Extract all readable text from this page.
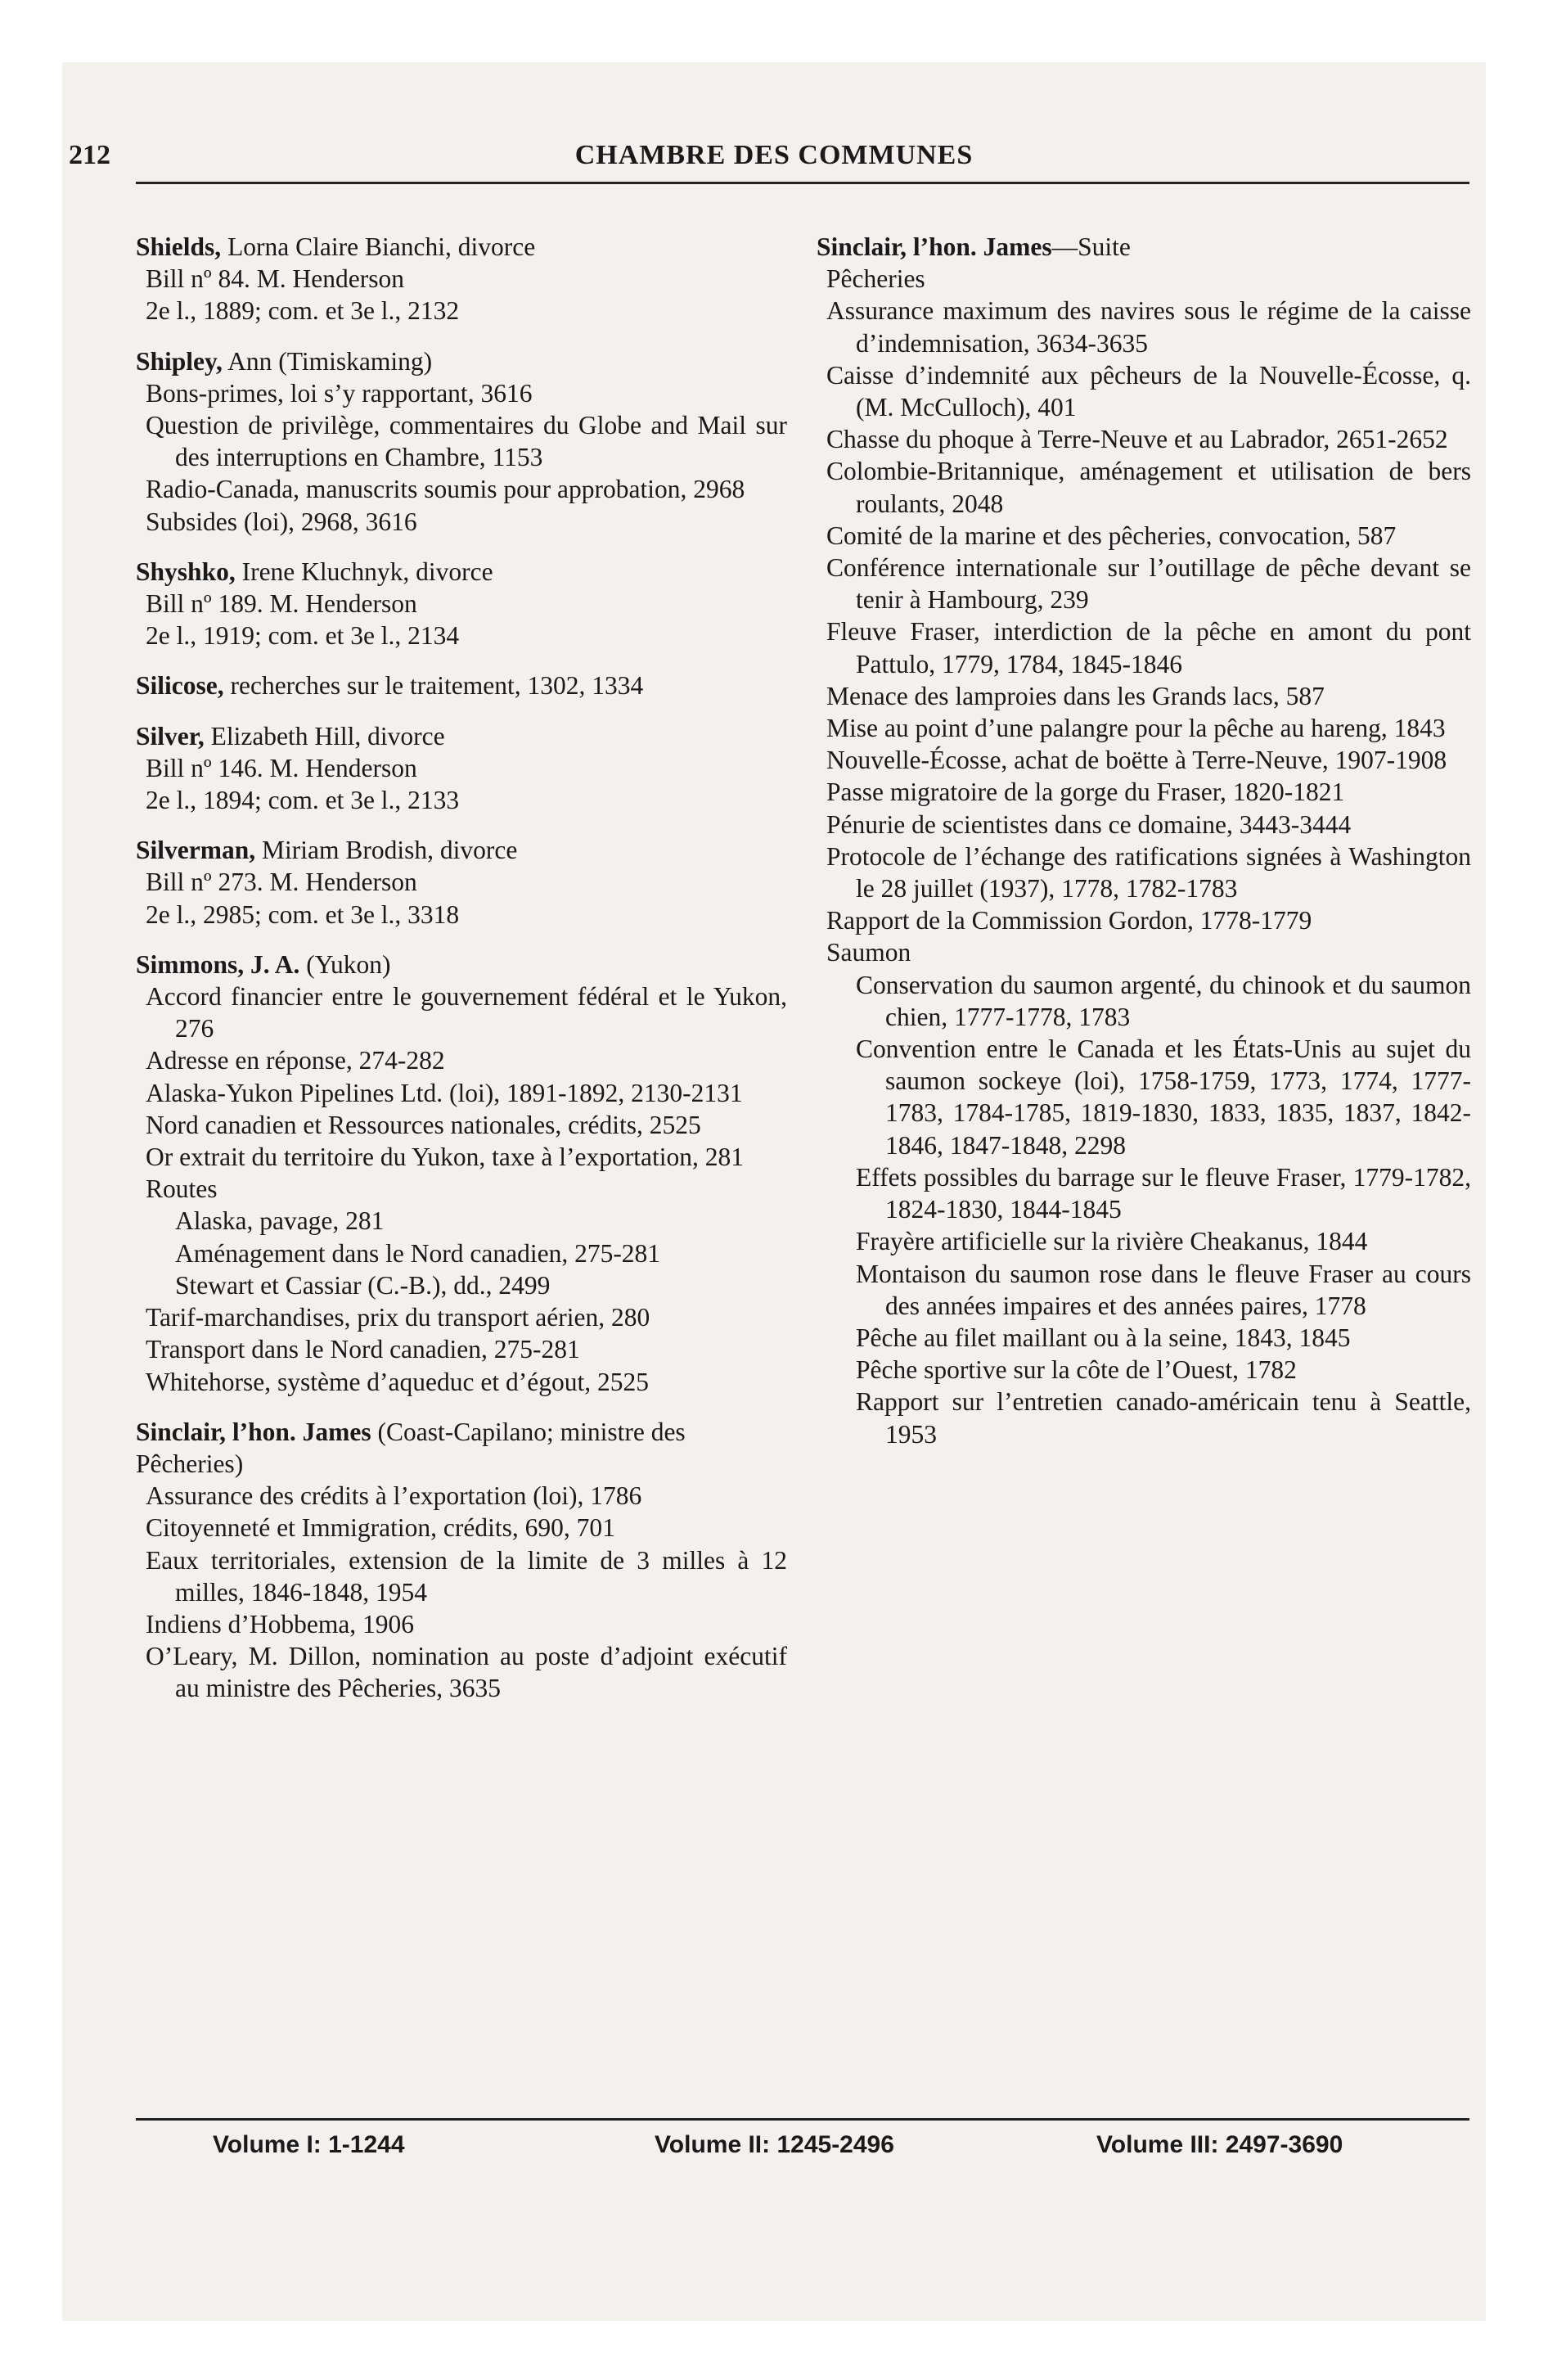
212	CHAMBRE DES COMMUNES
Shields, Lorna Claire Bianchi, divorce
Bill nº 84. M. Henderson
2e l., 1889; com. et 3e l., 2132
Shipley, Ann (Timiskaming)
Bons-primes, loi s’y rapportant, 3616
Question de privilège, commentaires du Globe and Mail sur des interruptions en Chambre, 1153
Radio-Canada, manuscrits soumis pour approbation, 2968
Subsides (loi), 2968, 3616
Shyshko, Irene Kluchnyk, divorce
Bill nº 189. M. Henderson
2e l., 1919; com. et 3e l., 2134
Silicose, recherches sur le traitement, 1302, 1334
Silver, Elizabeth Hill, divorce
Bill nº 146. M. Henderson
2e l., 1894; com. et 3e l., 2133
Silverman, Miriam Brodish, divorce
Bill nº 273. M. Henderson
2e l., 2985; com. et 3e l., 3318
Simmons, J. A. (Yukon)
Accord financier entre le gouvernement fédéral et le Yukon, 276
Adresse en réponse, 274-282
Alaska-Yukon Pipelines Ltd. (loi), 1891-1892, 2130-2131
Nord canadien et Ressources nationales, crédits, 2525
Or extrait du territoire du Yukon, taxe à l’exportation, 281
Routes
Alaska, pavage, 281
Aménagement dans le Nord canadien, 275-281
Stewart et Cassiar (C.-B.), dd., 2499
Tarif-marchandises, prix du transport aérien, 280
Transport dans le Nord canadien, 275-281
Whitehorse, système d’aqueduc et d’égout, 2525
Sinclair, l’hon. James (Coast-Capilano; ministre des Pêcheries)
Assurance des crédits à l’exportation (loi), 1786
Citoyenneté et Immigration, crédits, 690, 701
Eaux territoriales, extension de la limite de 3 milles à 12 milles, 1846-1848, 1954
Indiens d’Hobbema, 1906
O’Leary, M. Dillon, nomination au poste d’adjoint exécutif au ministre des Pêcheries, 3635
Sinclair, l’hon. James—Suite
Pêcheries
Assurance maximum des navires sous le régime de la caisse d’indemnisation, 3634-3635
Caisse d’indemnité aux pêcheurs de la Nouvelle-Écosse, q. (M. McCulloch), 401
Chasse du phoque à Terre-Neuve et au Labrador, 2651-2652
Colombie-Britannique, aménagement et utilisation de bers roulants, 2048
Comité de la marine et des pêcheries, convocation, 587
Conférence internationale sur l’outillage de pêche devant se tenir à Hambourg, 239
Fleuve Fraser, interdiction de la pêche en amont du pont Pattulo, 1779, 1784, 1845-1846
Menace des lamproies dans les Grands lacs, 587
Mise au point d’une palangre pour la pêche au hareng, 1843
Nouvelle-Écosse, achat de boëtte à Terre-Neuve, 1907-1908
Passe migratoire de la gorge du Fraser, 1820-1821
Pénurie de scientistes dans ce domaine, 3443-3444
Protocole de l’échange des ratifications signées à Washington le 28 juillet (1937), 1778, 1782-1783
Rapport de la Commission Gordon, 1778-1779
Saumon
Conservation du saumon argenté, du chinook et du saumon chien, 1777-1778, 1783
Convention entre le Canada et les États-Unis au sujet du saumon sockeye (loi), 1758-1759, 1773, 1774, 1777-1783, 1784-1785, 1819-1830, 1833, 1835, 1837, 1842-1846, 1847-1848, 2298
Effets possibles du barrage sur le fleuve Fraser, 1779-1782, 1824-1830, 1844-1845
Frayère artificielle sur la rivière Cheakanus, 1844
Montaison du saumon rose dans le fleuve Fraser au cours des années impaires et des années paires, 1778
Pêche au filet maillant ou à la seine, 1843, 1845
Pêche sportive sur la côte de l’Ouest, 1782
Rapport sur l’entretien canado-américain tenu à Seattle, 1953
Volume I: 1-1244	Volume II: 1245-2496	Volume III: 2497-3690
